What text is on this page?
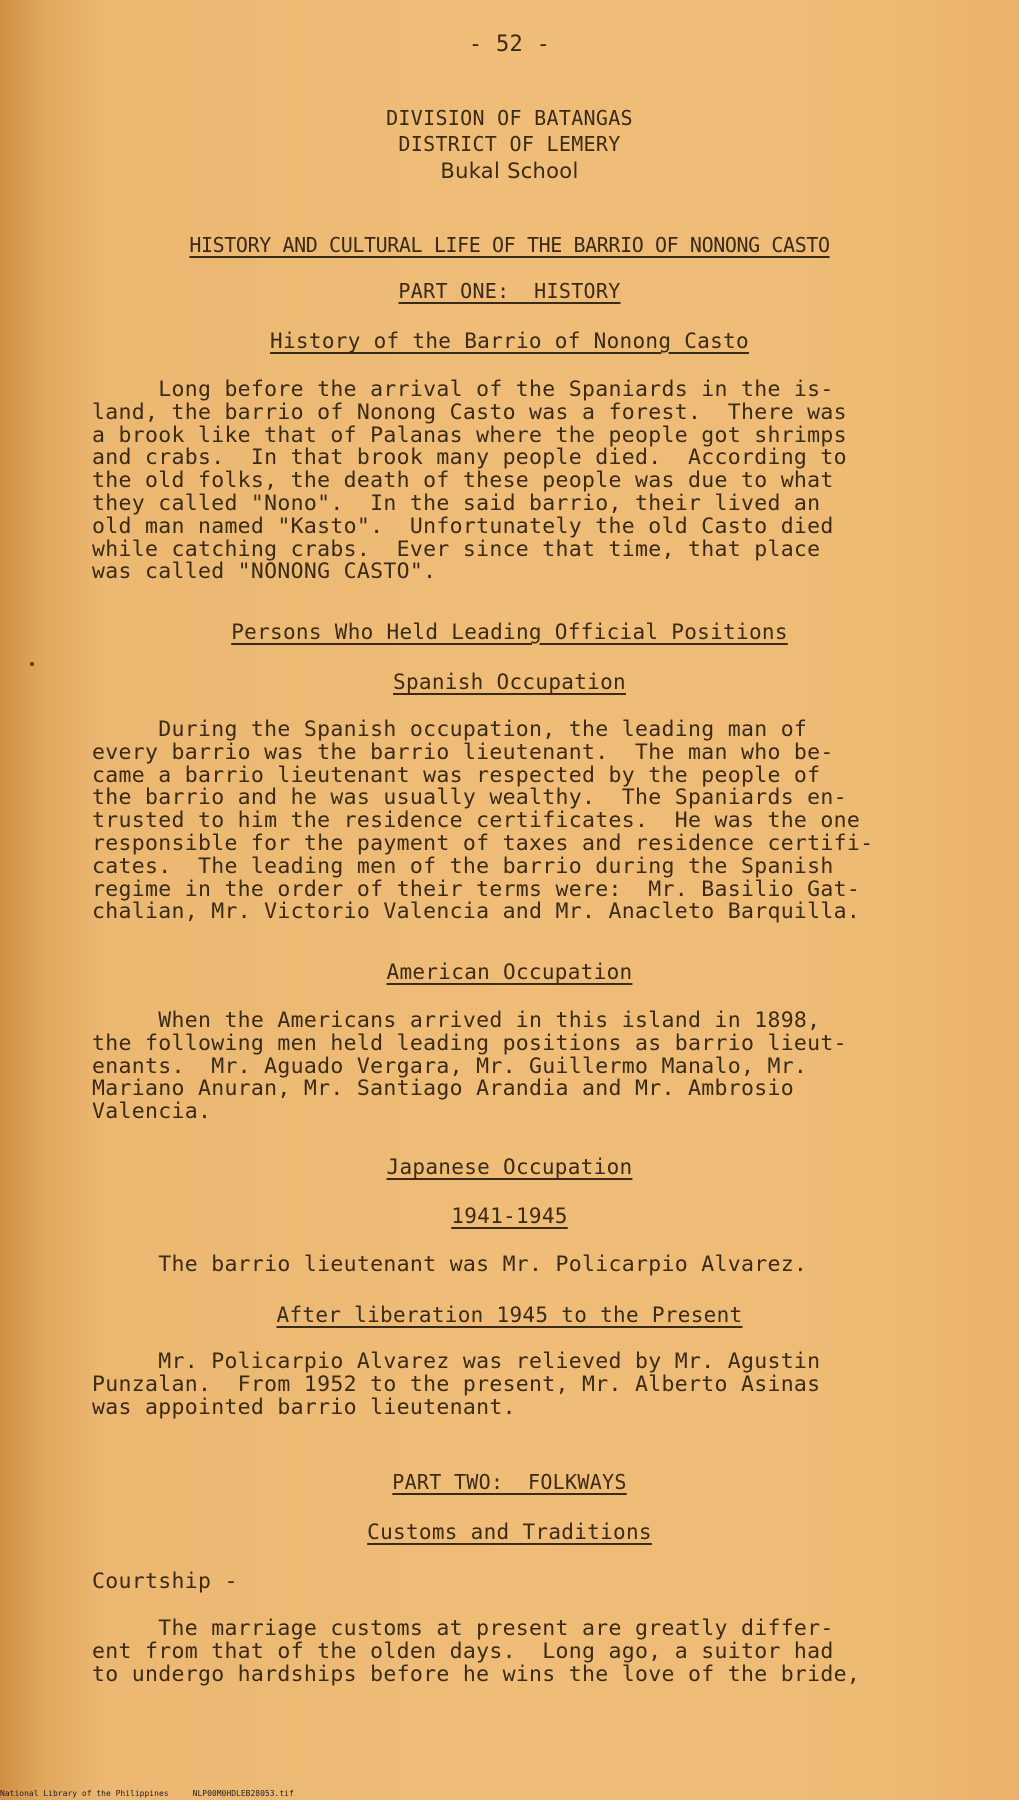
- 52 -
DIVISION OF BATANGAS
DISTRICT OF LEMERY
Bukal School
HISTORY AND CULTURAL LIFE OF THE BARRIO OF NONONG CASTO
PART ONE:  HISTORY
History of the Barrio of Nonong Casto
Long before the arrival of the Spaniards in the is-
land, the barrio of Nonong Casto was a forest.  There was
a brook like that of Palanas where the people got shrimps
and crabs.  In that brook many people died.  According to
the old folks, the death of these people was due to what
they called "Nono".  In the said barrio, their lived an
old man named "Kasto".  Unfortunately the old Casto died
while catching crabs.  Ever since that time, that place
was called "NONONG CASTO".
Persons Who Held Leading Official Positions
Spanish Occupation
During the Spanish occupation, the leading man of
every barrio was the barrio lieutenant.  The man who be-
came a barrio lieutenant was respected by the people of
the barrio and he was usually wealthy.  The Spaniards en-
trusted to him the residence certificates.  He was the one
responsible for the payment of taxes and residence certifi-
cates.  The leading men of the barrio during the Spanish
regime in the order of their terms were:  Mr. Basilio Gat-
chalian, Mr. Victorio Valencia and Mr. Anacleto Barquilla.
American Occupation
When the Americans arrived in this island in 1898,
the following men held leading positions as barrio lieut-
enants.  Mr. Aguado Vergara, Mr. Guillermo Manalo, Mr.
Mariano Anuran, Mr. Santiago Arandia and Mr. Ambrosio
Valencia.
Japanese Occupation
1941-1945
The barrio lieutenant was Mr. Policarpio Alvarez.
After liberation 1945 to the Present
Mr. Policarpio Alvarez was relieved by Mr. Agustin
Punzalan.  From 1952 to the present, Mr. Alberto Asinas
was appointed barrio lieutenant.
PART TWO:  FOLKWAYS
Customs and Traditions
Courtship -
The marriage customs at present are greatly differ-
ent from that of the olden days.  Long ago, a suitor had
to undergo hardships before he wins the love of the bride,
National Library of the Philippines     NLP00M0HDLEB28053.tif
